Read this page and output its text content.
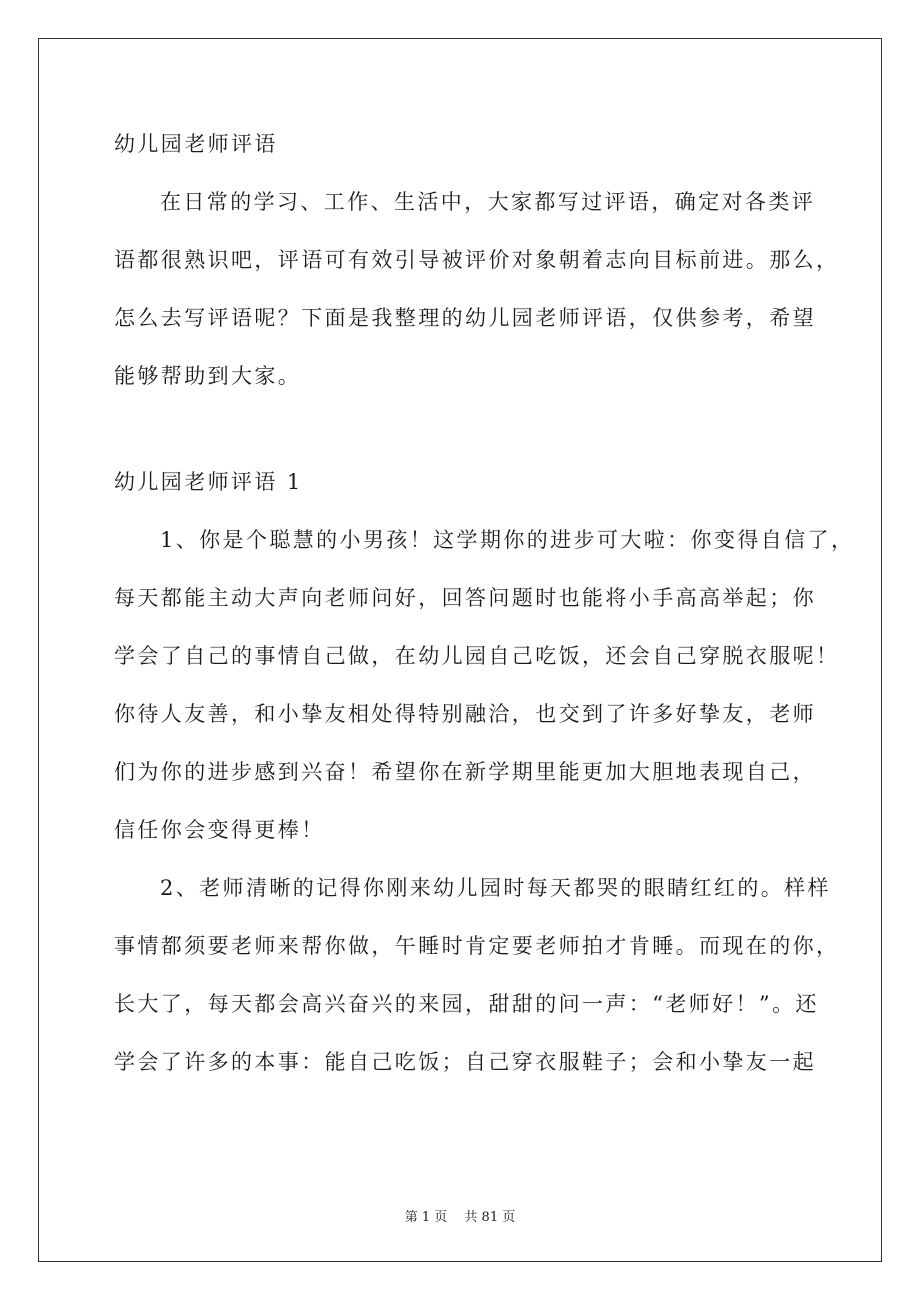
幼儿园老师评语
在日常的学习、工作、生活中，大家都写过评语，确定对各类评
语都很熟识吧，评语可有效引导被评价对象朝着志向目标前进。那么，
怎么去写评语呢？下面是我整理的幼儿园老师评语，仅供参考，希望
能够帮助到大家。
幼儿园老师评语 1
1、你是个聪慧的小男孩！这学期你的进步可大啦：你变得自信了，
每天都能主动大声向老师问好，回答问题时也能将小手高高举起；你
学会了自己的事情自己做，在幼儿园自己吃饭，还会自己穿脱衣服呢！
你待人友善，和小挚友相处得特别融洽，也交到了许多好挚友，老师
们为你的进步感到兴奋！希望你在新学期里能更加大胆地表现自己，
信任你会变得更棒！
2、老师清晰的记得你刚来幼儿园时每天都哭的眼睛红红的。样样
事情都须要老师来帮你做，午睡时肯定要老师拍才肯睡。而现在的你，
长大了，每天都会高兴奋兴的来园，甜甜的问一声：“老师好！”。还
学会了许多的本事：能自己吃饭；自己穿衣服鞋子；会和小挚友一起
第 1 页　 共 81 页
